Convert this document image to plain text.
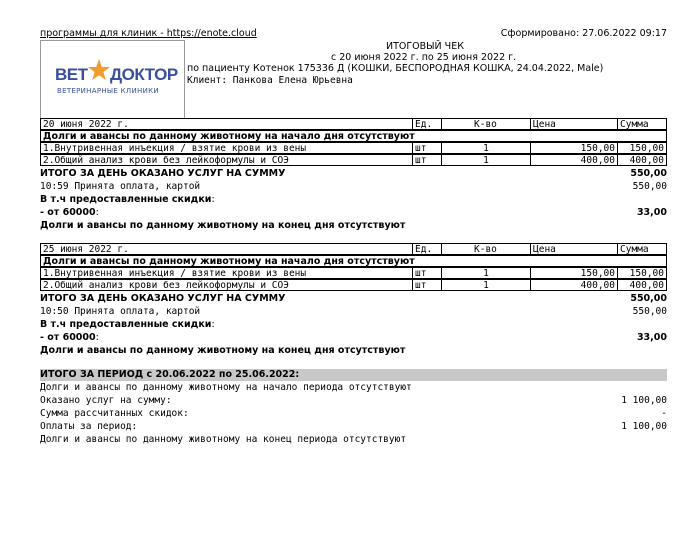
программы для клиник - https://enote.cloud	Сформировано: 27.06.2022 09:17
ИТОГОВЫЙ ЧЕК
с 20 июня 2022 г. по 25 июня 2022 г.
по пациенту Котенок 175336 Д (КОШКИ, БЕСПОРОДНАЯ КОШКА, 24.04.2022, Male)
Клиент: Панкова Елена Юрьевна
ВЕТ ДОКТОР
ВЕТЕРИНАРНЫЕ КЛИНИКИ
20 июня 2022 г.	Ед.	К-во	Цена	Сумма
Долги и авансы по данному животному на начало дня отсутствуют
1.Внутривенная инъекция / взятие крови из вены	шт	1	150,00	150,00
2.Общий анализ крови без лейкоформулы и СОЭ	шт	1	400,00	400,00
ИТОГО ЗА ДЕНЬ ОКАЗАНО УСЛУГ НА СУММУ	550,00
10:59 Принята оплата, картой	550,00
В т.ч предоставленные скидки:
- от 60000:	33,00
Долги и авансы по данному животному на конец дня отсутствуют
25 июня 2022 г.	Ед.	К-во	Цена	Сумма
Долги и авансы по данному животному на начало дня отсутствуют
1.Внутривенная инъекция / взятие крови из вены	шт	1	150,00	150,00
2.Общий анализ крови без лейкоформулы и СОЭ	шт	1	400,00	400,00
ИТОГО ЗА ДЕНЬ ОКАЗАНО УСЛУГ НА СУММУ	550,00
10:50 Принята оплата, картой	550,00
В т.ч предоставленные скидки:
- от 60000:	33,00
Долги и авансы по данному животному на конец дня отсутствуют
ИТОГО ЗА ПЕРИОД с 20.06.2022 по 25.06.2022:
Долги и авансы по данному животному на начало периода отсутствуют
Оказано услуг на сумму:	1 100,00
Сумма рассчитанных скидок:	-
Оплаты за период:	1 100,00
Долги и авансы по данному животному на конец периода отсутствуют
